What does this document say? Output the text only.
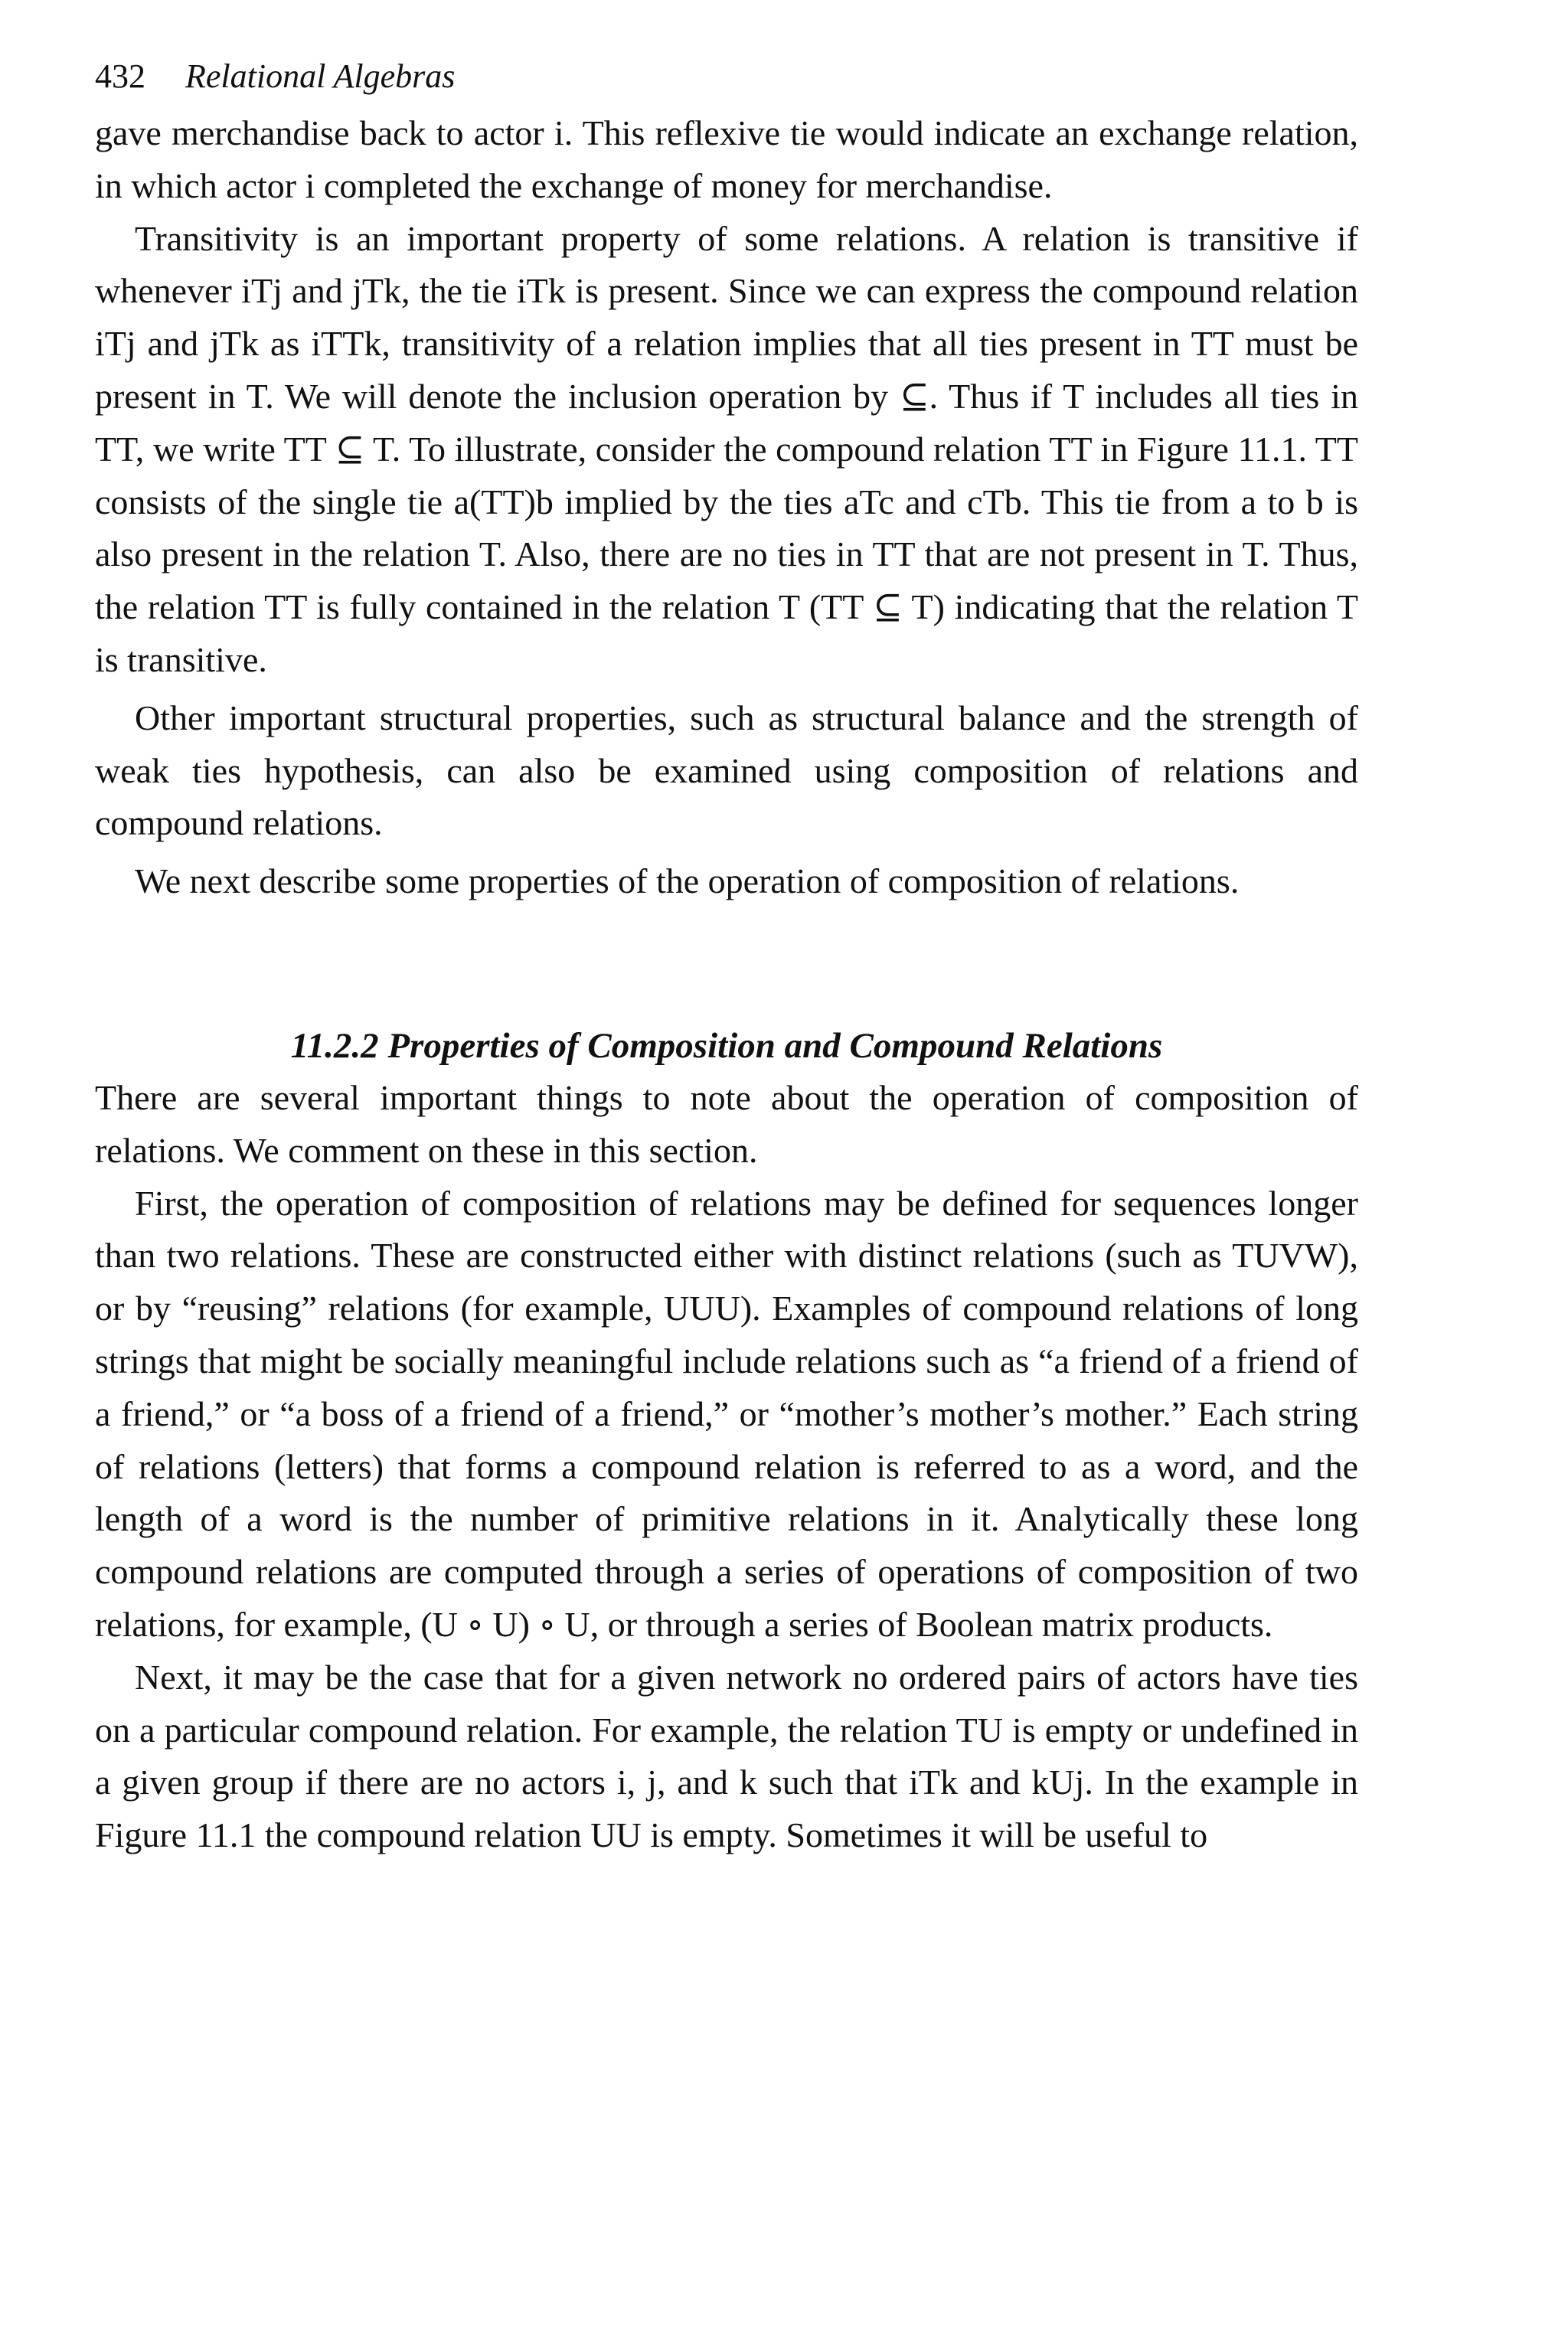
432 Relational Algebras

gave merchandise back to actor i. This reflexive tie would indicate an exchange relation, in which actor i completed the exchange of money for merchandise.

Transitivity is an important property of some relations. A relation is transitive if whenever iTj and jTk, the tie iTk is present. Since we can express the compound relation iTj and jTk as iTTk, transitivity of a relation implies that all ties present in TT must be present in T. We will denote the inclusion operation by ⊆. Thus if T includes all ties in TT, we write TT ⊆ T. To illustrate, consider the compound relation TT in Figure 11.1. TT consists of the single tie a(TT)b implied by the ties aTc and cTb. This tie from a to b is also present in the relation T. Also, there are no ties in TT that are not present in T. Thus, the relation TT is fully contained in the relation T (TT ⊆ T) indicating that the relation T is transitive.

Other important structural properties, such as structural balance and the strength of weak ties hypothesis, can also be examined using composition of relations and compound relations.

We next describe some properties of the operation of composition of relations.

11.2.2 Properties of Composition and Compound Relations

There are several important things to note about the operation of composition of relations. We comment on these in this section.

First, the operation of composition of relations may be defined for sequences longer than two relations. These are constructed either with distinct relations (such as TUVW), or by “reusing” relations (for example, UUU). Examples of compound relations of long strings that might be socially meaningful include relations such as “a friend of a friend of a friend,” or “a boss of a friend of a friend,” or “mother’s mother’s mother.” Each string of relations (letters) that forms a compound relation is referred to as a word, and the length of a word is the number of primitive relations in it. Analytically these long compound relations are computed through a series of operations of composition of two relations, for example, (U ∘ U) ∘ U, or through a series of Boolean matrix products.

Next, it may be the case that for a given network no ordered pairs of actors have ties on a particular compound relation. For example, the relation TU is empty or undefined in a given group if there are no actors i, j, and k such that iTk and kUj. In the example in Figure 11.1 the compound relation UU is empty. Sometimes it will be useful to
